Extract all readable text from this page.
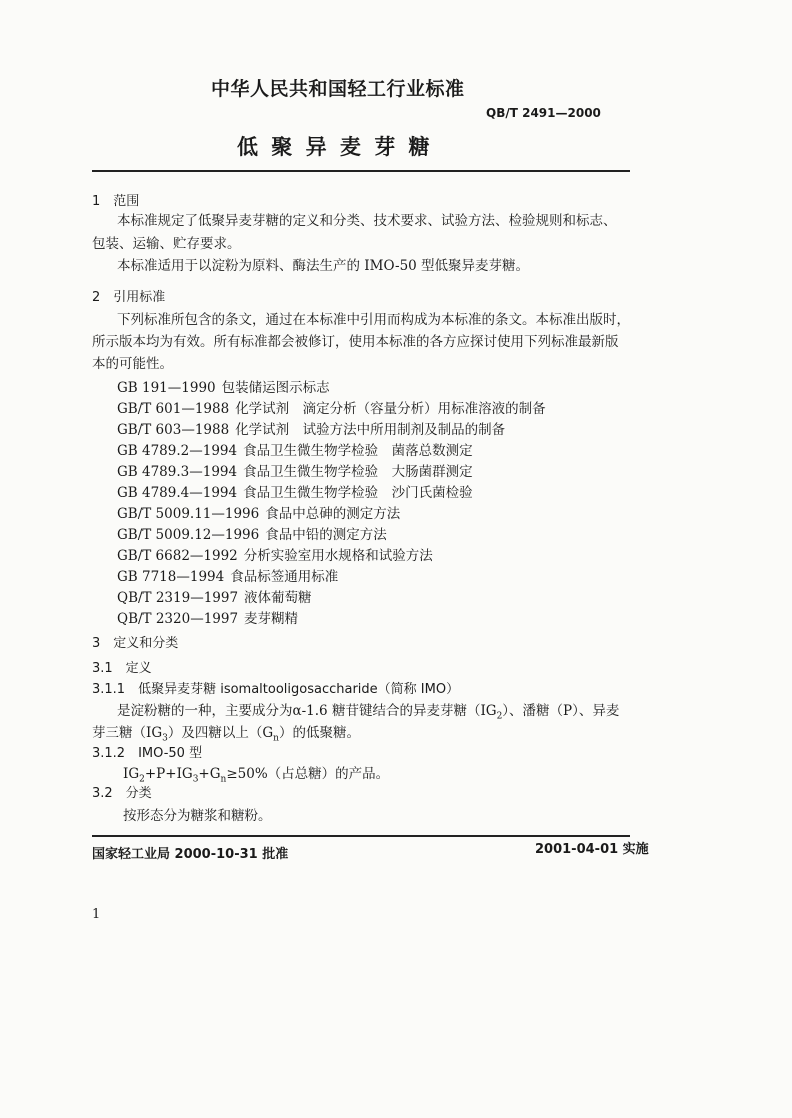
中华人民共和国轻工行业标准
QB/T 2491—2000
低 聚 异 麦 芽 糖
1　范围
本标准规定了低聚异麦芽糖的定义和分类、技术要求、试验方法、检验规则和标志、
包装、运输、贮存要求。
本标准适用于以淀粉为原料、酶法生产的 IMO-50 型低聚异麦芽糖。
2　引用标准
下列标准所包含的条文，通过在本标准中引用而构成为本标准的条文。本标准出版时，
所示版本均为有效。所有标准都会被修订，使用本标准的各方应探讨使用下列标准最新版
本的可能性。
GB 191—1990 包装储运图示标志
GB/T 601—1988 化学试剂　滴定分析（容量分析）用标准溶液的制备
GB/T 603—1988 化学试剂　试验方法中所用制剂及制品的制备
GB 4789.2—1994 食品卫生微生物学检验　菌落总数测定
GB 4789.3—1994 食品卫生微生物学检验　大肠菌群测定
GB 4789.4—1994 食品卫生微生物学检验　沙门氏菌检验
GB/T 5009.11—1996 食品中总砷的测定方法
GB/T 5009.12—1996 食品中铅的测定方法
GB/T 6682—1992 分析实验室用水规格和试验方法
GB 7718—1994 食品标签通用标准
QB/T 2319—1997 液体葡萄糖
QB/T 2320—1997 麦芽糊精
3　定义和分类
3.1　定义
3.1.1　低聚异麦芽糖 isomaltooligosaccharide（简称 IMO）
是淀粉糖的一种，主要成分为α-1.6 糖苷键结合的异麦芽糖$(IG_2)$、潘糖（P）、异麦
芽三糖$(IG_3)$及四糖以上$(G_n)$的低聚糖。
3.1.2　IMO-50 型
$IG_2+P+IG_3+G_n\ge 50\%$（占总糖）的产品。
3.2　分类
按形态分为糖浆和糖粉。
国家轻工业局 2000-10-31 批准	2001-04-01 实施
1
